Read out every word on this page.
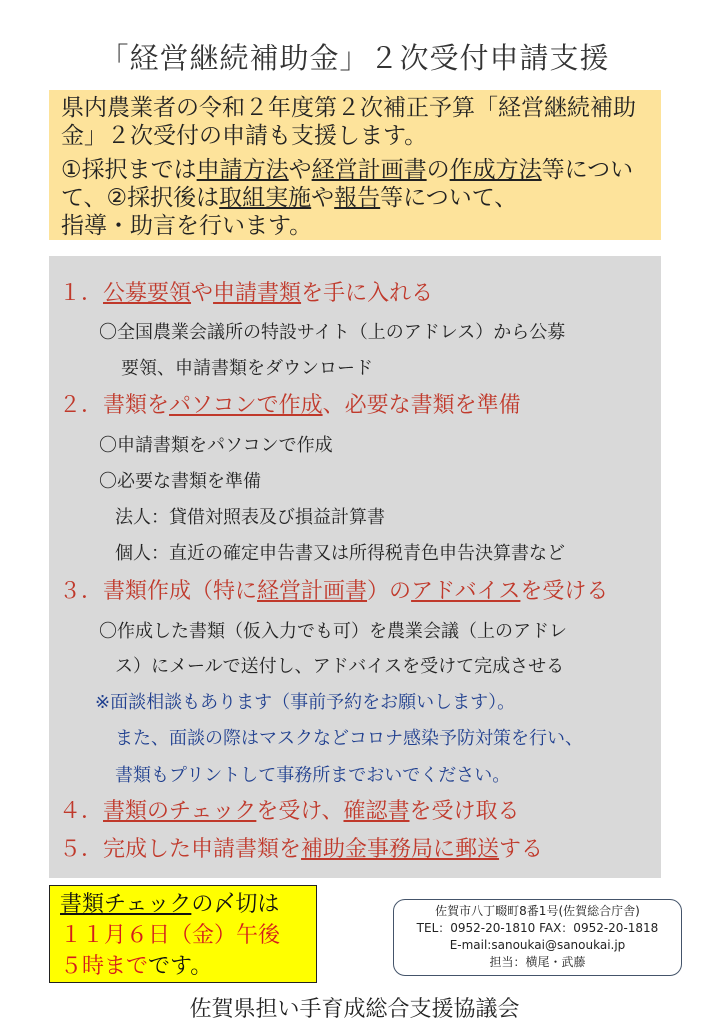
「経営継続補助金」２次受付申請支援

県内農業者の令和２年度第２次補正予算「経営継続補助金」２次受付の申請も支援します。

①採択までは申請方法や経営計画書の作成方法等について、②採択後は取組実施や報告等について、
指導・助言を行います。

１．公募要領や申請書類を手に入れる
〇全国農業会議所の特設サイト（上のアドレス）から公募
要領、申請書類をダウンロード
２．書類をパソコンで作成、必要な書類を準備
〇申請書類をパソコンで作成
〇必要な書類を準備
法人：貸借対照表及び損益計算書
個人：直近の確定申告書又は所得税青色申告決算書など
３．書類作成（特に経営計画書）のアドバイスを受ける
〇作成した書類（仮入力でも可）を農業会議（上のアドレ
ス）にメールで送付し、アドバイスを受けて完成させる
※面談相談もあります（事前予約をお願いします）。
また、面談の際はマスクなどコロナ感染予防対策を行い、
書類もプリントして事務所までおいでください。
４．書類のチェックを受け、確認書を受け取る
５．完成した申請書類を補助金事務局に郵送する
書類チェックの〆切は
１１月６日（金）午後
５時までです。
佐賀市八丁畷町8番1号(佐賀総合庁舎)
TEL：0952-20-1810 FAX：0952-20-1818
E-mail:sanoukai@sanoukai.jp
担当：横尾・武藤
佐賀県担い手育成総合支援協議会
